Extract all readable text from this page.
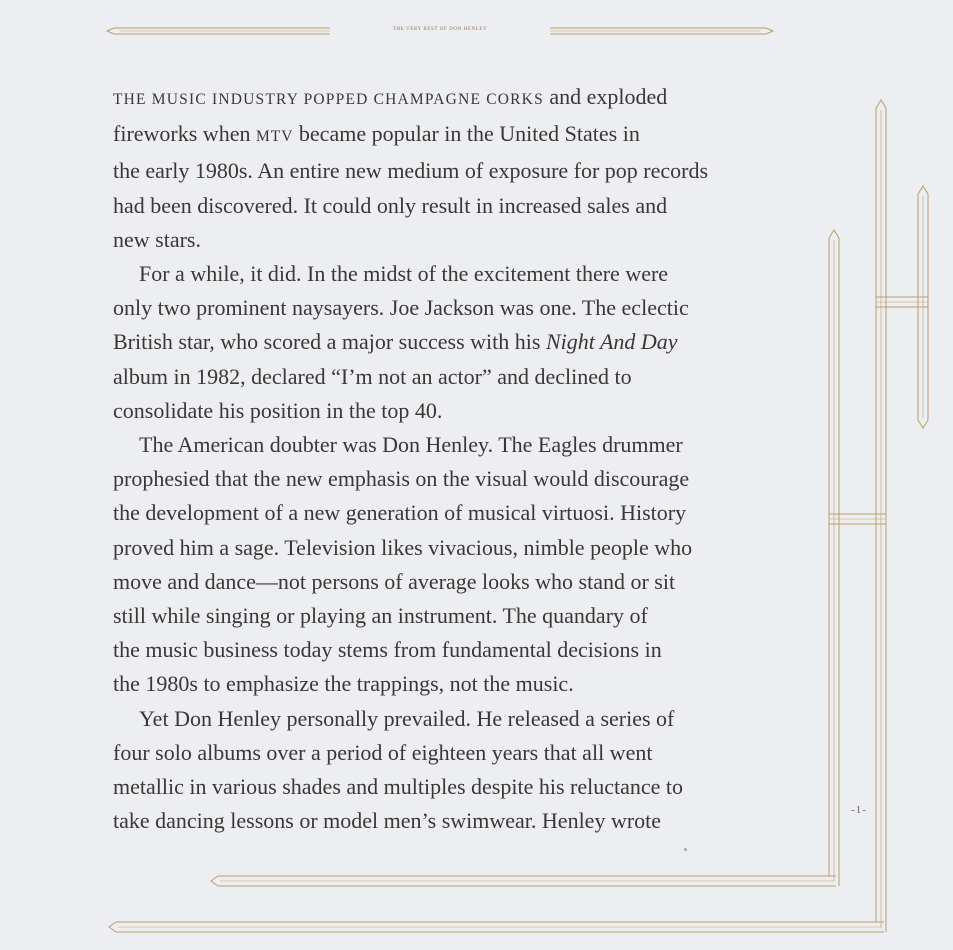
THE VERY BEST OF DON HENLEY

THE MUSIC INDUSTRY POPPED CHAMPAGNE CORKS and exploded
fireworks when MTV became popular in the United States in
the early 1980s. An entire new medium of exposure for pop records
had been discovered. It could only result in increased sales and
new stars.

For a while, it did. In the midst of the excitement there were
only two prominent naysayers. Joe Jackson was one. The eclectic
British star, who scored a major success with his Night And Day
album in 1982, declared “I’m not an actor” and declined to
consolidate his position in the top 40.

The American doubter was Don Henley. The Eagles drummer
prophesied that the new emphasis on the visual would discourage
the development of a new generation of musical virtuosi. History
proved him a sage. Television likes vivacious, nimble people who
move and dance—not persons of average looks who stand or sit
still while singing or playing an instrument. The quandary of
the music business today stems from fundamental decisions in
the 1980s to emphasize the trappings, not the music.

Yet Don Henley personally prevailed. He released a series of
four solo albums over a period of eighteen years that all went
metallic in various shades and multiples despite his reluctance to
take dancing lessons or model men’s swimwear. Henley wrote	-1-
